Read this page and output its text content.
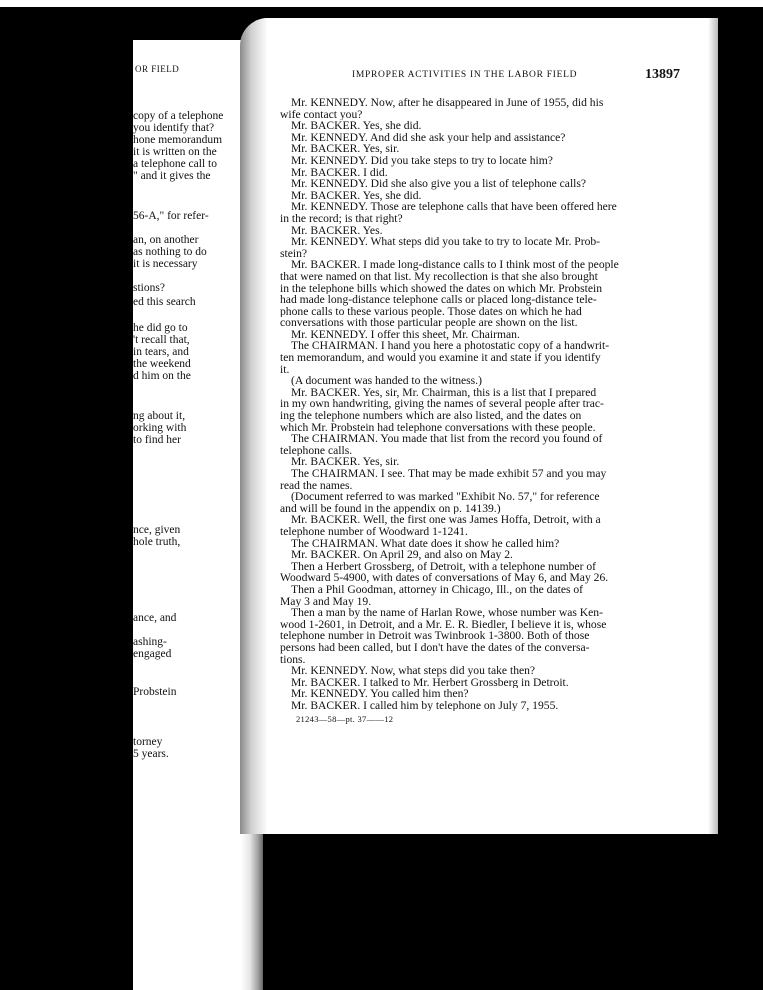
OR FIELD
copy of a telephone
you identify that?
hone memorandum
it is written on the
a telephone call to
" and it gives the
56-A," for refer-
an, on another
as nothing to do
it is necessary
stions?
ed this search
he did go to
't recall that,
in tears, and
the weekend
d him on the
ng about it,
orking with
to find her
nce, given
hole truth,
ance, and
ashing-
engaged
Probstein
torney
5 years.
IMPROPER ACTIVITIES IN THE LABOR FIELD	13897

Mr. KENNEDY. Now, after he disappeared in June of 1955, did his

wife contact you?

Mr. BACKER. Yes, she did.

Mr. KENNEDY. And did she ask your help and assistance?

Mr. BACKER. Yes, sir.

Mr. KENNEDY. Did you take steps to try to locate him?

Mr. BACKER. I did.

Mr. KENNEDY. Did she also give you a list of telephone calls?

Mr. BACKER. Yes, she did.

Mr. KENNEDY. Those are telephone calls that have been offered here

in the record; is that right?

Mr. BACKER. Yes.

Mr. KENNEDY. What steps did you take to try to locate Mr. Prob-

stein?

Mr. BACKER. I made long-distance calls to I think most of the people

that were named on that list. My recollection is that she also brought

in the telephone bills which showed the dates on which Mr. Probstein

had made long-distance telephone calls or placed long-distance tele-

phone calls to these various people. Those dates on which he had

conversations with those particular people are shown on the list.

Mr. KENNEDY. I offer this sheet, Mr. Chairman.

The CHAIRMAN. I hand you here a photostatic copy of a handwrit-

ten memorandum, and would you examine it and state if you identify

it.

(A document was handed to the witness.)

Mr. BACKER. Yes, sir, Mr. Chairman, this is a list that I prepared

in my own handwriting, giving the names of several people after trac-

ing the telephone numbers which are also listed, and the dates on

which Mr. Probstein had telephone conversations with these people.

The CHAIRMAN. You made that list from the record you found of

telephone calls.

Mr. BACKER. Yes, sir.

The CHAIRMAN. I see. That may be made exhibit 57 and you may

read the names.

(Document referred to was marked "Exhibit No. 57," for reference

and will be found in the appendix on p. 14139.)

Mr. BACKER. Well, the first one was James Hoffa, Detroit, with a

telephone number of Woodward 1-1241.

The CHAIRMAN. What date does it show he called him?

Mr. BACKER. On April 29, and also on May 2.

Then a Herbert Grossberg, of Detroit, with a telephone number of

Woodward 5-4900, with dates of conversations of May 6, and May 26.

Then a Phil Goodman, attorney in Chicago, Ill., on the dates of

May 3 and May 19.

Then a man by the name of Harlan Rowe, whose number was Ken-

wood 1-2601, in Detroit, and a Mr. E. R. Biedler, I believe it is, whose

telephone number in Detroit was Twinbrook 1-3800. Both of those

persons had been called, but I don't have the dates of the conversa-

tions.

Mr. KENNEDY. Now, what steps did you take then?

Mr. BACKER. I talked to Mr. Herbert Grossberg in Detroit.

Mr. KENNEDY. You called him then?

Mr. BACKER. I called him by telephone on July 7, 1955.

21243—58—pt. 37——12
